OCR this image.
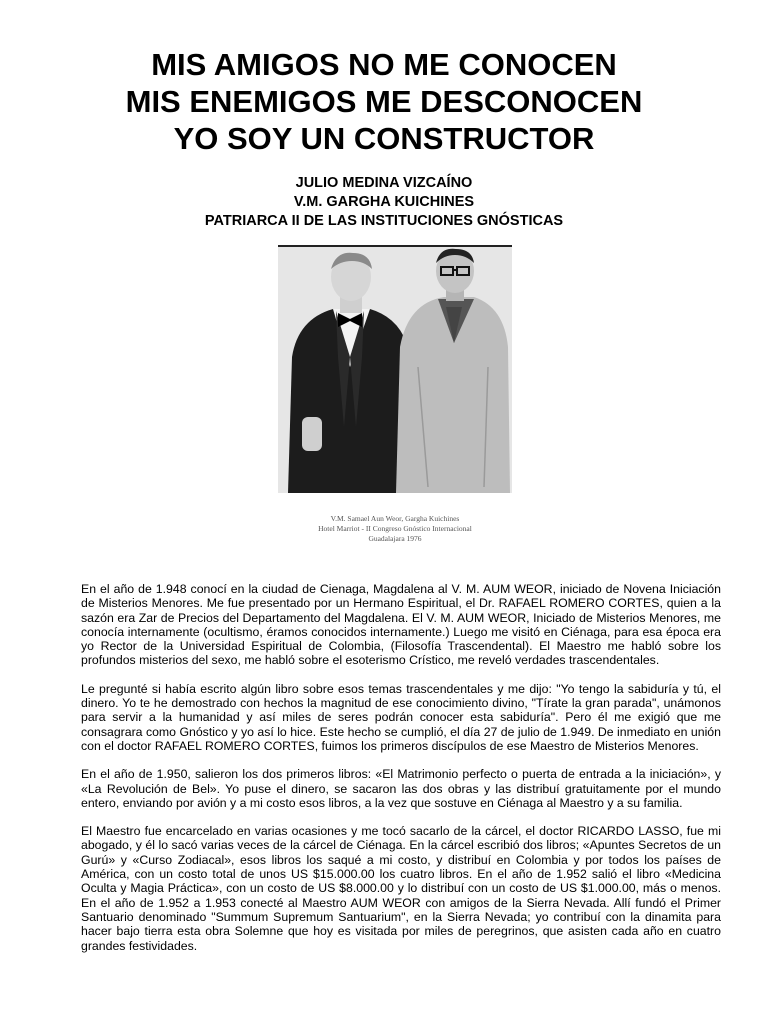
MIS AMIGOS NO ME CONOCEN
MIS ENEMIGOS ME DESCONOCEN
YO SOY UN CONSTRUCTOR
JULIO MEDINA VIZCAÍNO
V.M. GARGHA KUICHINES
PATRIARCA II DE LAS INSTITUCIONES GNÓSTICAS
V.M. Samael Aun Weor, Gargha Kuichines
Hotel Marriot - II Congreso Gnóstico Internacional
Guadalajara 1976

En el año de 1.948 conocí en la ciudad de Cienaga, Magdalena al V. M. AUM WEOR, iniciado de Novena Iniciación de Misterios Menores. Me fue presentado por un Hermano Espiritual, el Dr. RAFAEL ROMERO CORTES, quien a la sazón era Zar de Precios del Departamento del Magdalena. El V. M. AUM WEOR, Iniciado de Misterios Menores, me conocía internamente (ocultismo, éramos conocidos internamente.) Luego me visitó en Ciénaga, para esa época era yo Rector de la Universidad Espiritual de Colombia, (Filosofía Trascendental). El Maestro me habló sobre los profundos misterios del sexo, me habló sobre el esoterismo Crístico, me reveló verdades trascendentales.

Le pregunté si había escrito algún libro sobre esos temas trascendentales y me dijo: "Yo tengo la sabiduría y tú, el dinero. Yo te he demostrado con hechos la magnitud de ese conocimiento divino, "Tírate la gran parada", unámonos para servir a la humanidad y así miles de seres podrán conocer esta sabiduría". Pero él me exigió que me consagrara como Gnóstico y yo así lo hice. Este hecho se cumplió, el día 27 de julio de 1.949. De inmediato en unión con el doctor RAFAEL ROMERO CORTES, fuimos los primeros discípulos de ese Maestro de Misterios Menores.

En el año de 1.950, salieron los dos primeros libros: «El Matrimonio perfecto o puerta de entrada a la iniciación», y «La Revolución de Bel». Yo puse el dinero, se sacaron las dos obras y las distribuí gratuitamente por el mundo entero, enviando por avión y a mi costo esos libros, a la vez que sostuve en Ciénaga al Maestro y a su familia.

El Maestro fue encarcelado en varias ocasiones y me tocó sacarlo de la cárcel, el doctor RICARDO LASSO, fue mi abogado, y él lo sacó varias veces de la cárcel de Ciénaga. En la cárcel escribió dos libros; «Apuntes Secretos de un Gurú» y «Curso Zodiacal», esos libros los saqué a mi costo, y distribuí en Colombia y por todos los países de América, con un costo total de unos US $15.000.00 los cuatro libros. En el año de 1.952 salió el libro «Medicina Oculta y Magia Práctica», con un costo de US $8.000.00 y lo distribuí con un costo de US $1.000.00, más o menos. En el año de 1.952 a 1.953 conecté al Maestro AUM WEOR con amigos de la Sierra Nevada. Allí fundó el Primer Santuario denominado "Summum Supremum Santuarium", en la Sierra Nevada; yo contribuí con la dinamita para hacer bajo tierra esta obra Solemne que hoy es visitada por miles de peregrinos, que asisten cada año en cuatro grandes festividades.
